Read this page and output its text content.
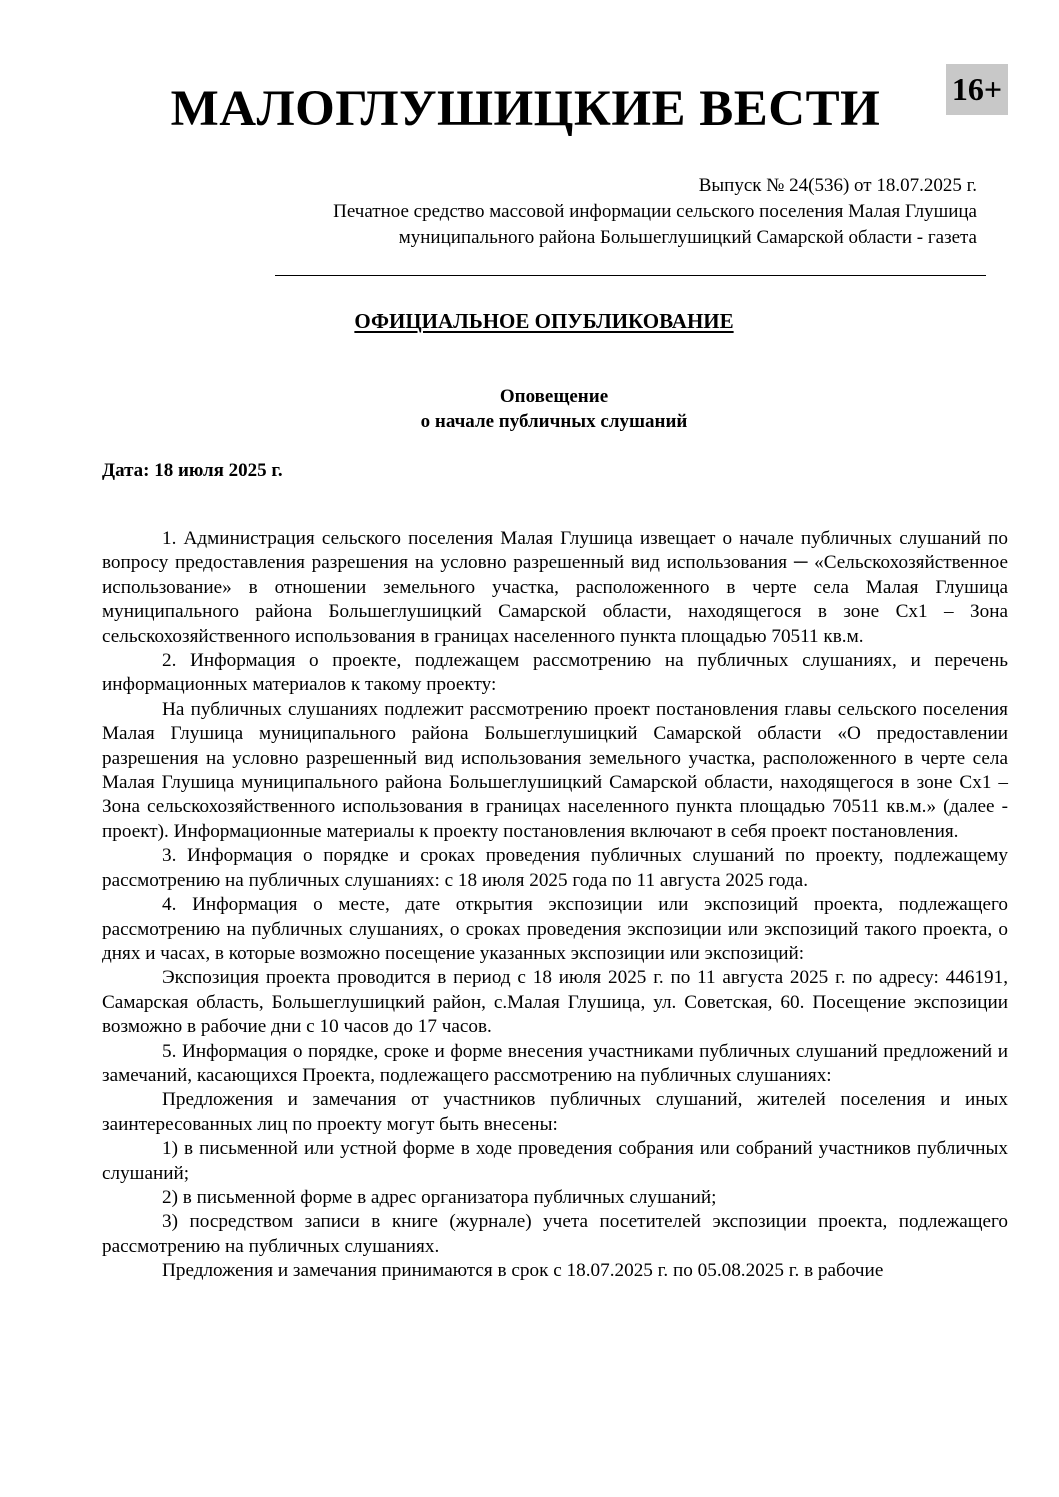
МАЛОГЛУШИЦКИЕ ВЕСТИ	16+
Выпуск № 24(536) от 18.07.2025 г.
Печатное средство массовой информации сельского поселения Малая Глушица
муниципального района Большеглушицкий Самарской области - газета
ОФИЦИАЛЬНОЕ ОПУБЛИКОВАНИЕ
Оповещение
о начале публичных слушаний
Дата: 18 июля 2025 г.

1. Администрация сельского поселения Малая Глушица извещает о начале публичных слушаний по вопросу предоставления разрешения на условно разрешенный вид использования ─ «Сельскохозяйственное использование» в отношении земельного участка, расположенного в черте села Малая Глушица муниципального района Большеглушицкий Самарской области, находящегося в зоне Сх1 – Зона сельскохозяйственного использования в границах населенного пункта площадью 70511 кв.м.

2. Информация о проекте, подлежащем рассмотрению на публичных слушаниях, и перечень информационных материалов к такому проекту:

На публичных слушаниях подлежит рассмотрению проект постановления главы сельского поселения Малая Глушица муниципального района Большеглушицкий Самарской области «О предоставлении разрешения на условно разрешенный вид использования земельного участка, расположенного в черте села Малая Глушица муниципального района Большеглушицкий Самарской области, находящегося в зоне Сх1 – Зона сельскохозяйственного использования в границах населенного пункта площадью 70511 кв.м.» (далее - проект). Информационные материалы к проекту постановления включают в себя проект постановления.

3. Информация о порядке и сроках проведения публичных слушаний по проекту, подлежащему рассмотрению на публичных слушаниях: с 18 июля 2025 года по 11 августа 2025 года.

4. Информация о месте, дате открытия экспозиции или экспозиций проекта, подлежащего рассмотрению на публичных слушаниях, о сроках проведения экспозиции или экспозиций такого проекта, о днях и часах, в которые возможно посещение указанных экспозиции или экспозиций:

Экспозиция проекта проводится в период с 18 июля 2025 г. по 11 августа 2025 г. по адресу: 446191, Самарская область, Большеглушицкий район, с.Малая Глушица, ул. Советская, 60. Посещение экспозиции возможно в рабочие дни с 10 часов до 17 часов.

5. Информация о порядке, сроке и форме внесения участниками публичных слушаний предложений и замечаний, касающихся Проекта, подлежащего рассмотрению на публичных слушаниях:

Предложения и замечания от участников публичных слушаний, жителей поселения и иных заинтересованных лиц по проекту могут быть внесены:

1) в письменной или устной форме в ходе проведения собрания или собраний участников публичных слушаний;

2) в письменной форме в адрес организатора публичных слушаний;

3) посредством записи в книге (журнале) учета посетителей экспозиции проекта, подлежащего рассмотрению на публичных слушаниях.

Предложения и замечания принимаются в срок с 18.07.2025 г. по 05.08.2025 г. в рабочие
